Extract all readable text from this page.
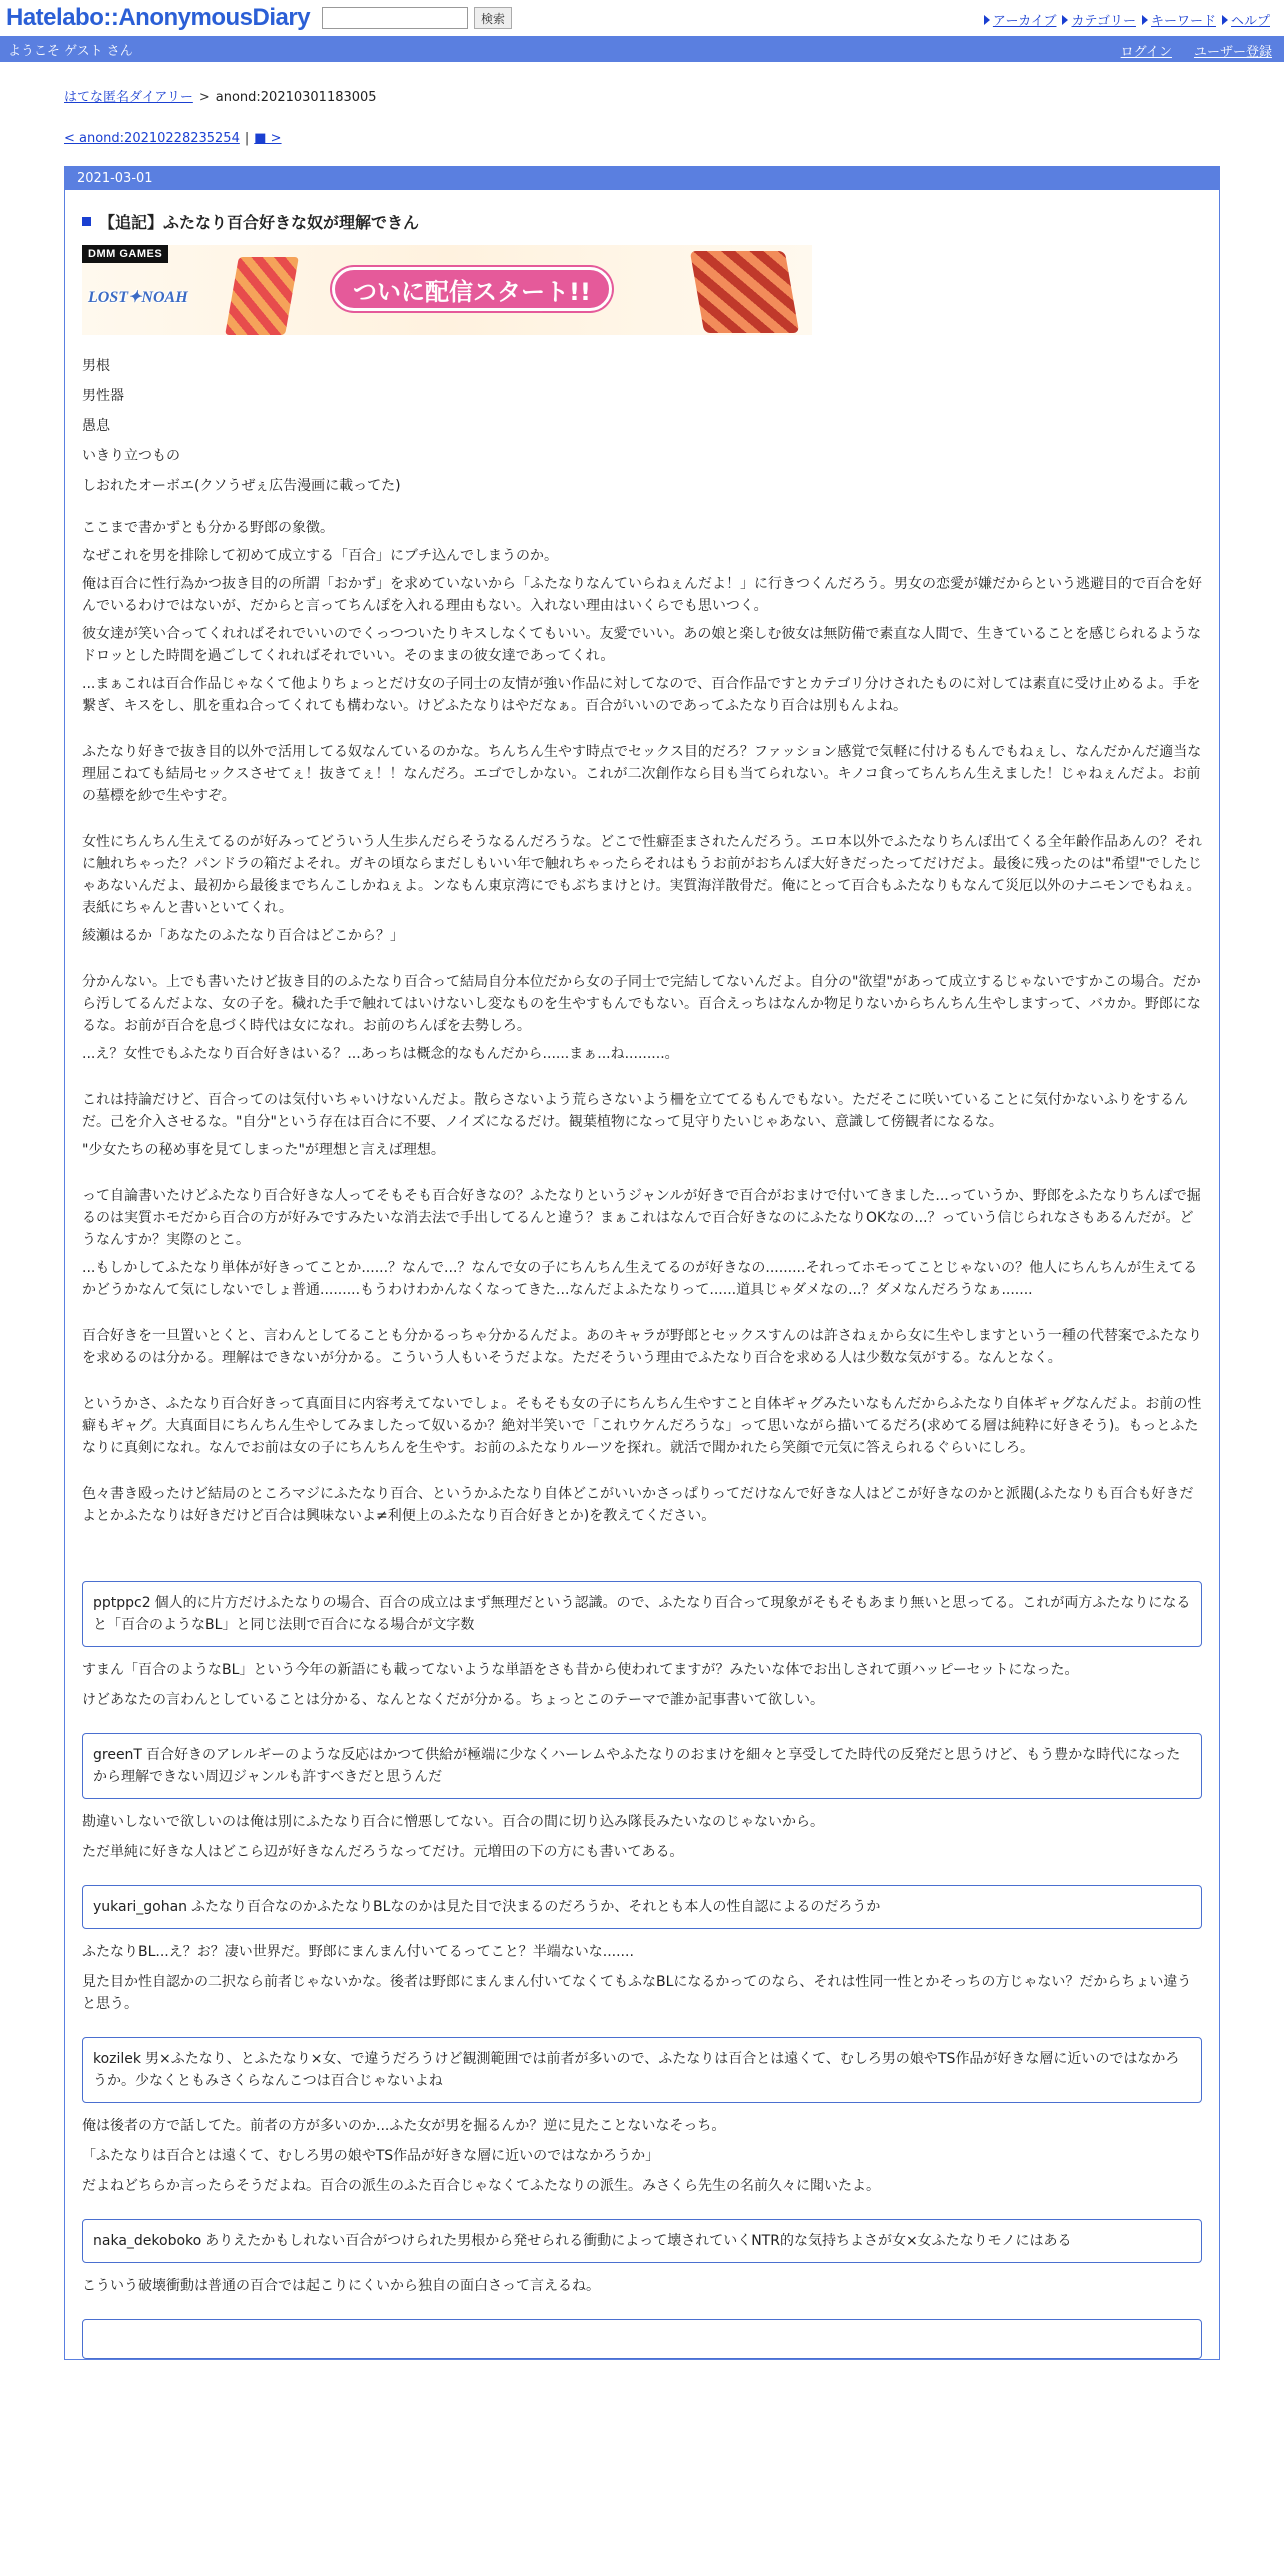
Hatelabo::AnonymousDiary	検索	アーカイブ カテゴリー キーワード ヘルプ
ようこそ ゲスト さん	ログイン ユーザー登録
はてな匿名ダイアリー > anond:20210301183005
< anond:20210228235254 | ■ >
2021-03-01
【追記】ふたなり百合好きな奴が理解できん
DMM GAMES
LOST✦NOAH	ついに配信スタート!!

男根

男性器

愚息

いきり立つもの

しおれたオーボエ(クソうぜぇ広告漫画に載ってた)

ここまで書かずとも分かる野郎の象徴。

なぜこれを男を排除して初めて成立する「百合」にブチ込んでしまうのか。

俺は百合に性行為かつ抜き目的の所謂「おかず」を求めていないから「ふたなりなんていらねぇんだよ！」に行きつくんだろう。男女の恋愛が嫌だからという逃避目的で百合を好んでいるわけではないが、だからと言ってちんぽを入れる理由もない。入れない理由はいくらでも思いつく。

彼女達が笑い合ってくれればそれでいいのでくっつついたりキスしなくてもいい。友愛でいい。あの娘と楽しむ彼女は無防備で素直な人間で、生きていることを感じられるようなドロッとした時間を過ごしてくれればそれでいい。そのままの彼女達であってくれ。

...まぁこれは百合作品じゃなくて他よりちょっとだけ女の子同士の友情が強い作品に対してなので、百合作品ですとカテゴリ分けされたものに対しては素直に受け止めるよ。手を繋ぎ、キスをし、肌を重ね合ってくれても構わない。けどふたなりはやだなぁ。百合がいいのであってふたなり百合は別もんよね。

ふたなり好きで抜き目的以外で活用してる奴なんているのかな。ちんちん生やす時点でセックス目的だろ？ファッション感覚で気軽に付けるもんでもねぇし、なんだかんだ適当な理屈こねても結局セックスさせてぇ！抜きてぇ！！なんだろ。エゴでしかない。これが二次創作なら目も当てられない。キノコ食ってちんちん生えました！じゃねぇんだよ。お前の墓標を紗で生やすぞ。

女性にちんちん生えてるのが好みってどういう人生歩んだらそうなるんだろうな。どこで性癖歪まされたんだろう。エロ本以外でふたなりちんぽ出てくる全年齢作品あんの？それに触れちゃった？パンドラの箱だよそれ。ガキの頃ならまだしもいい年で触れちゃったらそれはもうお前がおちんぽ大好きだったってだけだよ。最後に残ったのは"希望"でしたじゃあないんだよ、最初から最後までちんこしかねぇよ。ンなもん東京湾にでもぶちまけとけ。実質海洋散骨だ。俺にとって百合もふたなりもなんて災厄以外のナニモンでもねぇ。表紙にちゃんと書いといてくれ。

綾瀬はるか「あなたのふたなり百合はどこから？」

分かんない。上でも書いたけど抜き目的のふたなり百合って結局自分本位だから女の子同士で完結してないんだよ。自分の"欲望"があって成立するじゃないですかこの場合。だから汚してるんだよな、女の子を。穢れた手で触れてはいけないし変なものを生やすもんでもない。百合えっちはなんか物足りないからちんちん生やしますって、バカか。野郎になるな。お前が百合を息づく時代は女になれ。お前のちんぽを去勢しろ。

...え？女性でもふたなり百合好きはいる？...あっちは概念的なもんだから......まぁ...ね.........。

これは持論だけど、百合ってのは気付いちゃいけないんだよ。散らさないよう荒らさないよう柵を立ててるもんでもない。ただそこに咲いていることに気付かないふりをするんだ。己を介入させるな。"自分"という存在は百合に不要、ノイズになるだけ。観葉植物になって見守りたいじゃあない、意識して傍観者になるな。

"少女たちの秘め事を見てしまった"が理想と言えば理想。

って自論書いたけどふたなり百合好きな人ってそもそも百合好きなの？ふたなりというジャンルが好きで百合がおまけで付いてきました...っていうか、野郎をふたなりちんぽで掘るのは実質ホモだから百合の方が好みですみたいな消去法で手出してるんと違う？まぁこれはなんで百合好きなのにふたなりOKなの...？っていう信じられなさもあるんだが。どうなんすか？実際のとこ。

...もしかしてふたなり単体が好きってことか......？なんで...？なんで女の子にちんちん生えてるのが好きなの.........それってホモってことじゃないの？他人にちんちんが生えてるかどうかなんて気にしないでしょ普通.........もうわけわかんなくなってきた...なんだよふたなりって......道具じゃダメなの...？ダメなんだろうなぁ.......

百合好きを一旦置いとくと、言わんとしてることも分かるっちゃ分かるんだよ。あのキャラが野郎とセックスすんのは許さねぇから女に生やしますという一種の代替案でふたなりを求めるのは分かる。理解はできないが分かる。こういう人もいそうだよな。ただそういう理由でふたなり百合を求める人は少数な気がする。なんとなく。

というかさ、ふたなり百合好きって真面目に内容考えてないでしょ。そもそも女の子にちんちん生やすこと自体ギャグみたいなもんだからふたなり自体ギャグなんだよ。お前の性癖もギャグ。大真面目にちんちん生やしてみましたって奴いるか？絶対半笑いで「これウケんだろうな」って思いながら描いてるだろ(求めてる層は純粋に好きそう)。もっとふたなりに真剣になれ。なんでお前は女の子にちんちんを生やす。お前のふたなりルーツを探れ。就活で聞かれたら笑顔で元気に答えられるぐらいにしろ。

色々書き殴ったけど結局のところマジにふたなり百合、というかふたなり自体どこがいいかさっぱりってだけなんで好きな人はどこが好きなのかと派閥(ふたなりも百合も好きだよとかふたなりは好きだけど百合は興味ないよ≠利便上のふたなり百合好きとか)を教えてください。

pptppc2 個人的に片方だけふたなりの場合、百合の成立はまず無理だという認識。ので、ふたなり百合って現象がそもそもあまり無いと思ってる。これが両方ふたなりになると「百合のようなBL」と同じ法則で百合になる場合が文字数

すまん「百合のようなBL」という今年の新語にも載ってないような単語をさも昔から使われてますが？みたいな体でお出しされて頭ハッピーセットになった。

けどあなたの言わんとしていることは分かる、なんとなくだが分かる。ちょっとこのテーマで誰か記事書いて欲しい。

greenT 百合好きのアレルギーのような反応はかつて供給が極端に少なくハーレムやふたなりのおまけを細々と享受してた時代の反発だと思うけど、もう豊かな時代になったから理解できない周辺ジャンルも許すべきだと思うんだ

勘違いしないで欲しいのは俺は別にふたなり百合に憎悪してない。百合の間に切り込み隊長みたいなのじゃないから。

ただ単純に好きな人はどこら辺が好きなんだろうなってだけ。元増田の下の方にも書いてある。

yukari_gohan ふたなり百合なのかふたなりBLなのかは見た目で決まるのだろうか、それとも本人の性自認によるのだろうか

ふたなりBL...え？お？凄い世界だ。野郎にまんまん付いてるってこと？半端ないな.......

見た目か性自認かの二択なら前者じゃないかな。後者は野郎にまんまん付いてなくてもふなBLになるかってのなら、それは性同一性とかそっちの方じゃない？だからちょい違うと思う。

kozilek 男×ふたなり、とふたなり×女、で違うだろうけど観測範囲では前者が多いので、ふたなりは百合とは遠くて、むしろ男の娘やTS作品が好きな層に近いのではなかろうか。少なくともみさくらなんこつは百合じゃないよね

俺は後者の方で話してた。前者の方が多いのか...ふた女が男を掘るんか？逆に見たことないなそっち。

「ふたなりは百合とは遠くて、むしろ男の娘やTS作品が好きな層に近いのではなかろうか」

だよねどちらか言ったらそうだよね。百合の派生のふた百合じゃなくてふたなりの派生。みさくら先生の名前久々に聞いたよ。

naka_dekoboko ありえたかもしれない百合がつけられた男根から発せられる衝動によって壊されていくNTR的な気持ちよさが女×女ふたなりモノにはある

こういう破壊衝動は普通の百合では起こりにくいから独自の面白さって言えるね。
